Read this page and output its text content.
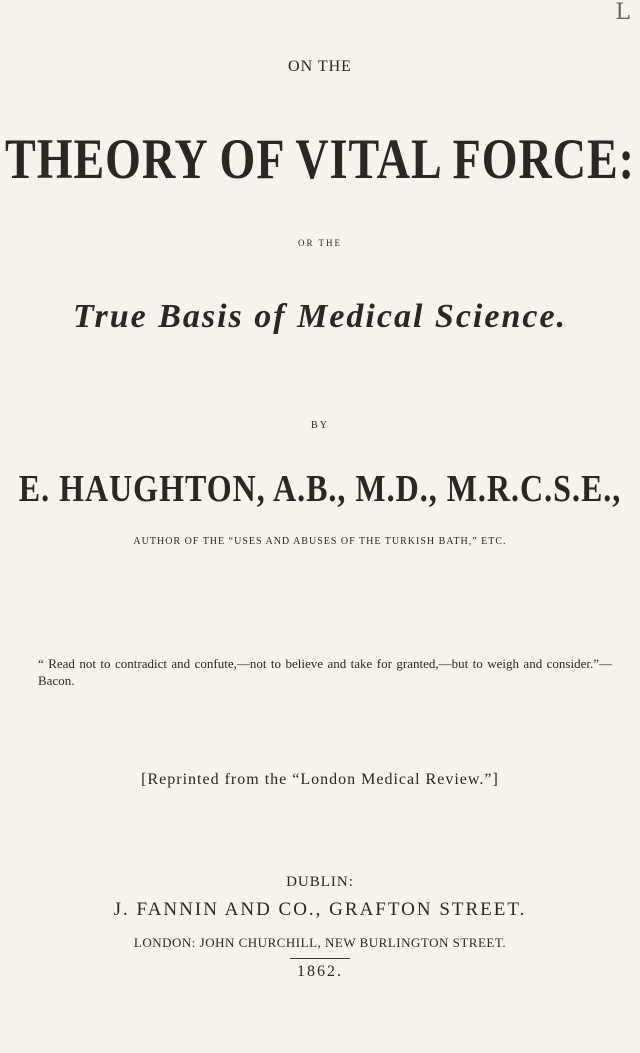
L
ON THE
THEORY OF VITAL FORCE:
OR THE
True Basis of Medical Science.
BY
E. HAUGHTON, A.B., M.D., M.R.C.S.E.,
AUTHOR OF THE “USES AND ABUSES OF THE TURKISH BATH,” ETC.
“ Read not to contradict and confute,—not to believe and take for granted,—but to weigh and consider.”—Bacon.
[Reprinted from the “London Medical Review.”]
DUBLIN:
J. FANNIN AND CO., GRAFTON STREET.
LONDON: JOHN CHURCHILL, NEW BURLINGTON STREET.
1862.
